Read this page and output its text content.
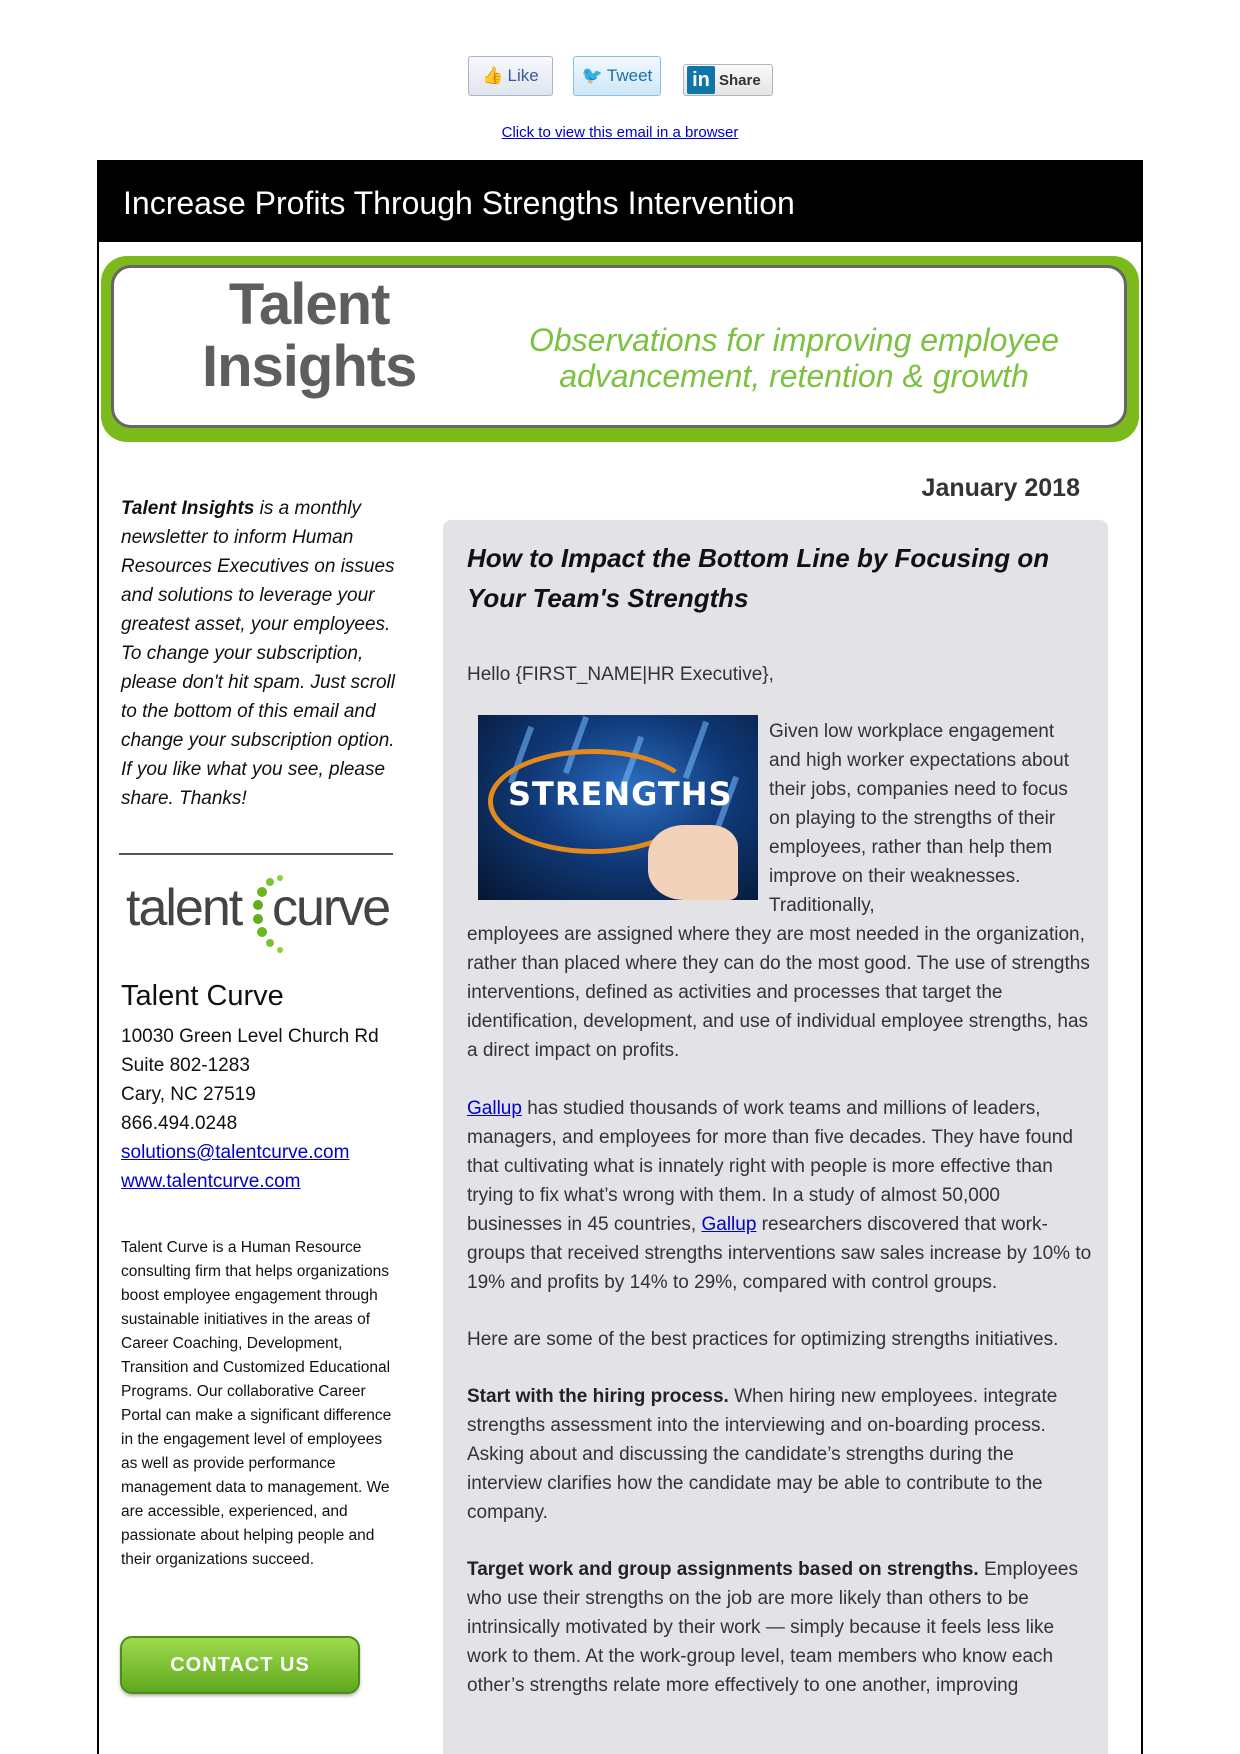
👍 Like	🐦 Tweet in Share
Click to view this email in a browser
Increase Profits Through Strengths Intervention
Talent
Insights	Observations for improving employee
advancement, retention & growth
Talent Insights is a monthly newsletter to inform Human Resources Executives on issues and solutions to leverage your greatest asset, your employees. To change your subscription, please don't hit spam. Just scroll to the bottom of this email and change your subscription option. If you like what you see, please share. Thanks!
talent curve
Talent Curve
10030 Green Level Church Rd
Suite 802-1283
Cary, NC 27519
866.494.0248
solutions@talentcurve.com
www.talentcurve.com
Talent Curve is a Human Resource consulting firm that helps organizations boost employee engagement through sustainable initiatives in the areas of Career Coaching, Development, Transition and Customized Educational Programs. Our collaborative Career Portal can make a significant difference in the engagement level of employees as well as provide performance management data to management. We are accessible, experienced, and passionate about helping people and their organizations succeed.
CONTACT US
January 2018
How to Impact the Bottom Line by Focusing on Your Team's Strengths
Hello {FIRST_NAME|HR Executive},
STRENGTHS
Given low workplace engagement and high worker expectations about their jobs, companies need to focus on playing to the strengths of their employees, rather than help them improve on their weaknesses. Traditionally,
employees are assigned where they are most needed in the organization, rather than placed where they can do the most good. The use of strengths interventions, defined as activities and processes that target the identification, development, and use of individual employee strengths, has a direct impact on profits.
Gallup has studied thousands of work teams and millions of leaders, managers, and employees for more than five decades. They have found that cultivating what is innately right with people is more effective than trying to fix what’s wrong with them. In a study of almost 50,000 businesses in 45 countries, Gallup researchers discovered that work-groups that received strengths interventions saw sales increase by 10% to 19% and profits by 14% to 29%, compared with control groups.
Here are some of the best practices for optimizing strengths initiatives.
Start with the hiring process. When hiring new employees. integrate strengths assessment into the interviewing and on-boarding process. Asking about and discussing the candidate’s strengths during the interview clarifies how the candidate may be able to contribute to the company.
Target work and group assignments based on strengths. Employees who use their strengths on the job are more likely than others to be intrinsically motivated by their work — simply because it feels less like work to them. At the work-group level, team members who know each other’s strengths relate more effectively to one another, improving
